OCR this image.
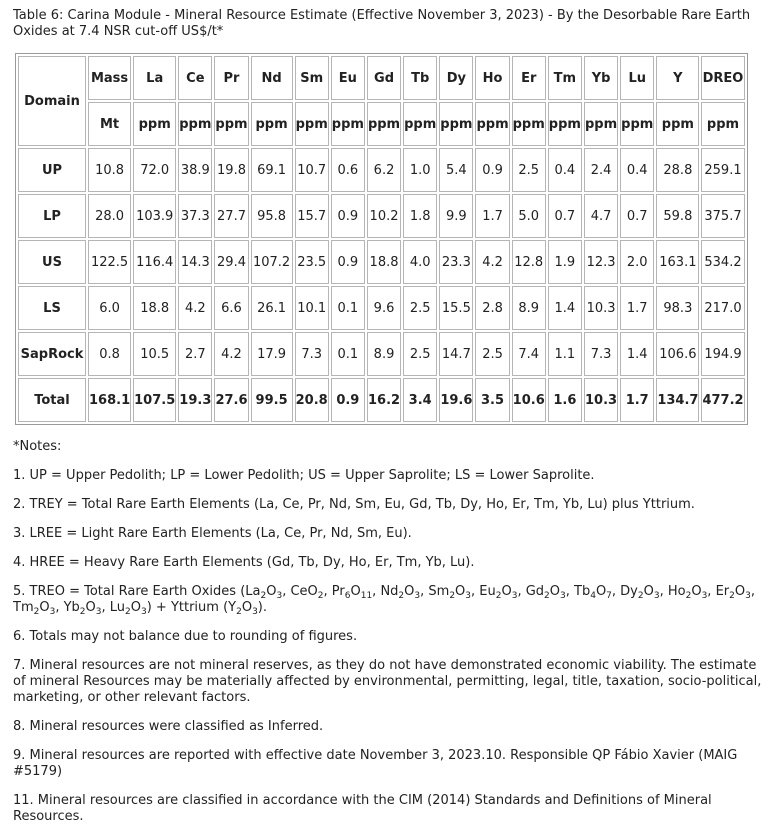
Table 6: Carina Module - Mineral Resource Estimate (Effective November 3, 2023) - By the Desorbable Rare Earth Oxides at 7.4 NSR cut-off US$/t*
Domain	Mass	La	Ce	Pr	Nd	Sm	Eu	Gd	Tb	Dy	Ho	Er	Tm	Yb	Lu	Y	DREO
	Mt	ppm	ppm	ppm	ppm	ppm	ppm	ppm	ppm	ppm	ppm	ppm	ppm	ppm	ppm	ppm	ppm
UP	10.8	72.0	38.9	19.8	69.1	10.7	0.6	6.2	1.0	5.4	0.9	2.5	0.4	2.4	0.4	28.8	259.1
LP	28.0	103.9	37.3	27.7	95.8	15.7	0.9	10.2	1.8	9.9	1.7	5.0	0.7	4.7	0.7	59.8	375.7
US	122.5	116.4	14.3	29.4	107.2	23.5	0.9	18.8	4.0	23.3	4.2	12.8	1.9	12.3	2.0	163.1	534.2
LS	6.0	18.8	4.2	6.6	26.1	10.1	0.1	9.6	2.5	15.5	2.8	8.9	1.4	10.3	1.7	98.3	217.0
SapRock	0.8	10.5	2.7	4.2	17.9	7.3	0.1	8.9	2.5	14.7	2.5	7.4	1.1	7.3	1.4	106.6	194.9
Total	168.1	107.5	19.3	27.6	99.5	20.8	0.9	16.2	3.4	19.6	3.5	10.6	1.6	10.3	1.7	134.7	477.2

*Notes:

1. UP = Upper Pedolith; LP = Lower Pedolith; US = Upper Saprolite; LS = Lower Saprolite.

2. TREY = Total Rare Earth Elements (La, Ce, Pr, Nd, Sm, Eu, Gd, Tb, Dy, Ho, Er, Tm, Yb, Lu) plus Yttrium.

3. LREE = Light Rare Earth Elements (La, Ce, Pr, Nd, Sm, Eu).

4. HREE = Heavy Rare Earth Elements (Gd, Tb, Dy, Ho, Er, Tm, Yb, Lu).

5. TREO = Total Rare Earth Oxides ($La_2O_3$, CeO$_2$, $Pr_6O_{11}$, $Nd_2O_3$, $Sm_2O_3$, $Eu_2O_3$, $Gd_2O_3$, $Tb_4O_7$, $Dy_2O_3$, $Ho_2O_3$, $Er_2O_3$, $Tm_2O_3$, $Yb_2O_3$, $Lu_2O_3$) + Yttrium $(Y_2O_3)$.

6. Totals may not balance due to rounding of figures.

7. Mineral resources are not mineral reserves, as they do not have demonstrated economic viability. The estimate of mineral Resources may be materially affected by environmental, permitting, legal, title, taxation, socio-political, marketing, or other relevant factors.

8. Mineral resources were classified as Inferred.

9. Mineral resources are reported with effective date November 3, 2023.10. Responsible QP Fábio Xavier (MAIG #5179)

11. Mineral resources are classified in accordance with the CIM (2014) Standards and Definitions of Mineral Resources.
